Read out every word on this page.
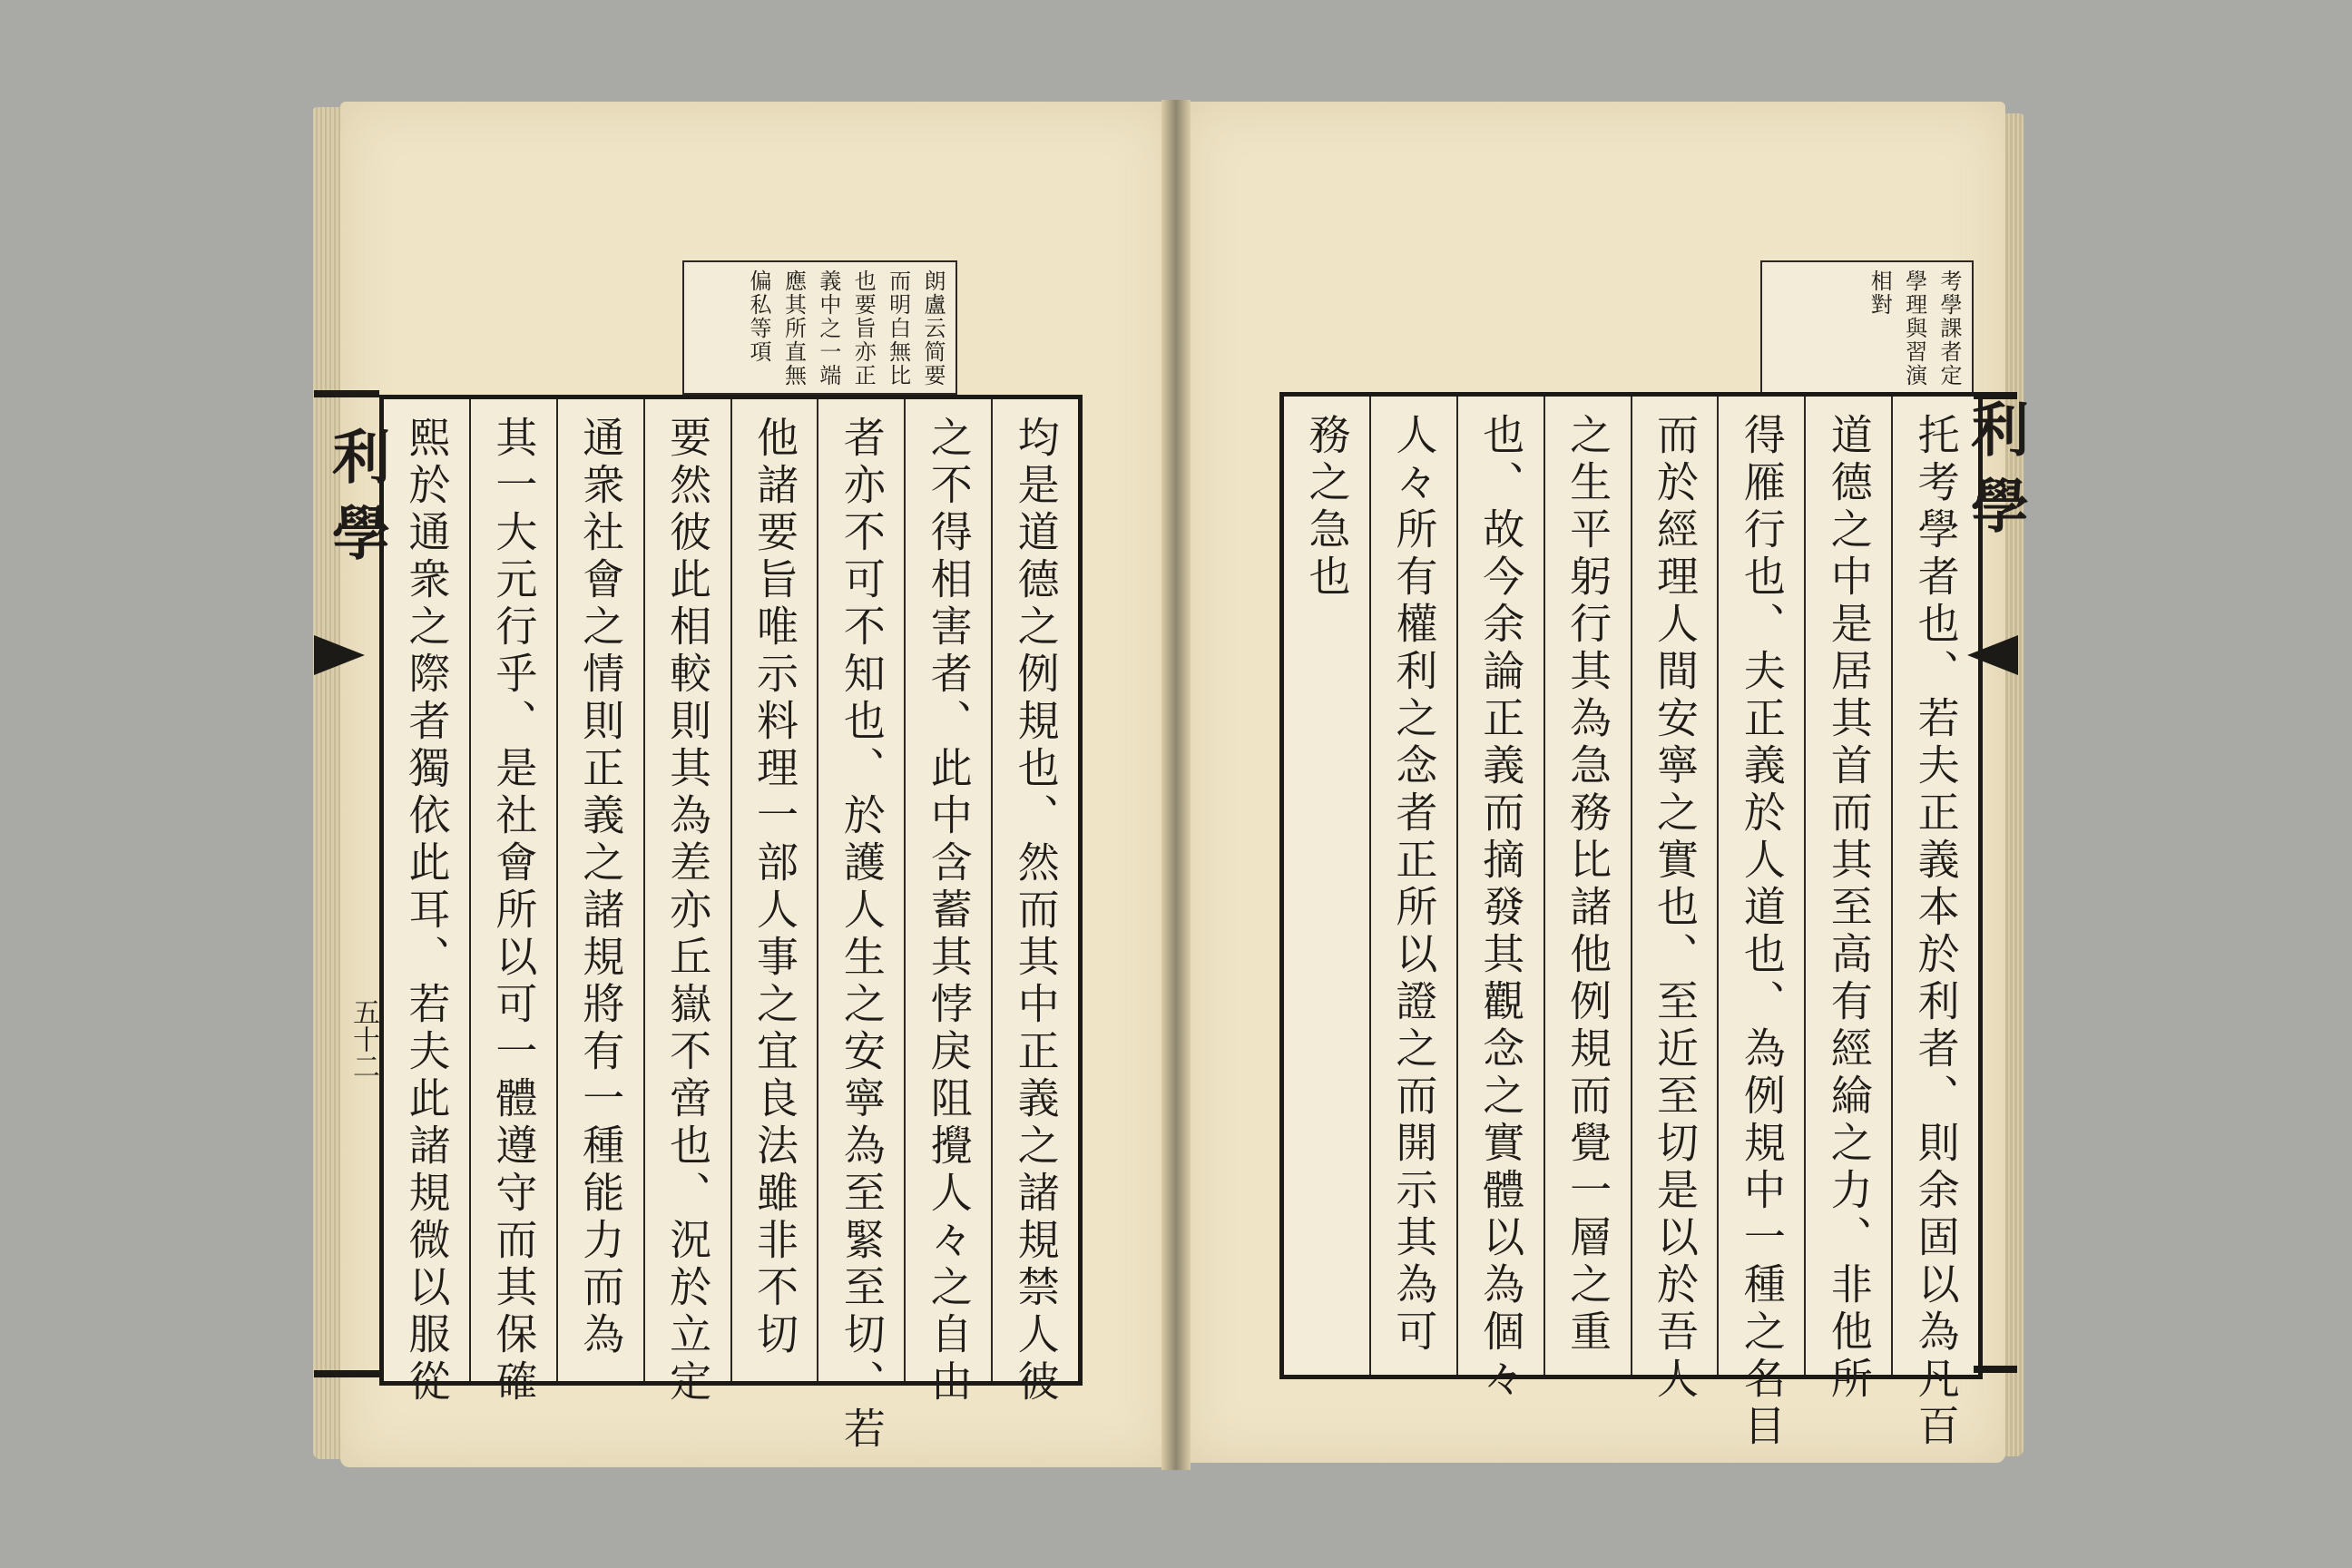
朗盧云简要
而明白無比
也要旨亦正
義中之一端
應其所直無
偏私等項
均是道德之例規也、然而其中正義之諸規禁人彼
之不得相害者、此中含蓄其悖戾阻攪人々之自由
者亦不可不知也、於護人生之安寧為至緊至切、若
他諸要旨唯示料理一部人事之宜良法雖非不切
要然彼此相較則其為差亦丘嶽不啻也、況於立定
通衆社會之情則正義之諸規將有一種能力而為
其一大元行乎、是社會所以可一體遵守而其保確
熙於通衆之際者獨依此耳、若夫此諸規微以服從
利學
五十二
考學課者定
學理與習演
相對
托考學者也、若夫正義本於利者、則余固以為凡百
道德之中是居其首而其至高有經綸之力、非他所
得雁行也、夫正義於人道也、為例規中一種之名目
而於經理人間安寧之實也、至近至切是以於吾人
之生平躬行其為急務比諸他例規而覺一層之重
也、故今余論正義而摘發其觀念之實體以為個々
人々所有權利之念者正所以證之而開示其為可
務之急也	利學
